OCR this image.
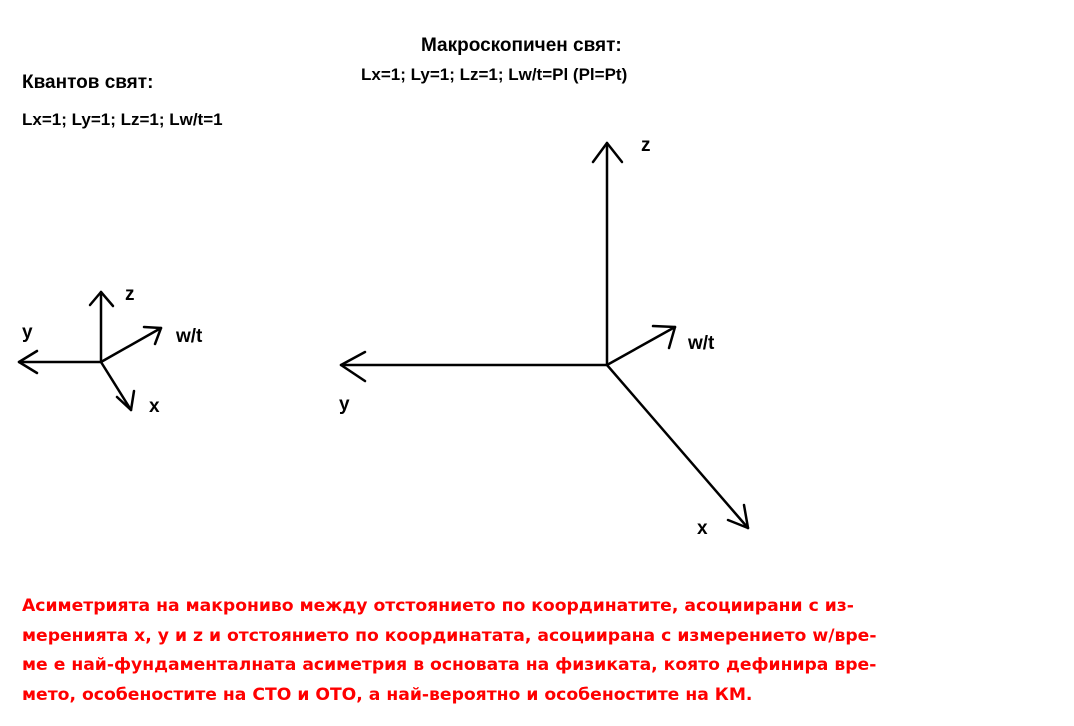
Макроскопичен свят:
Lx=1; Ly=1; Lz=1; Lw/t=Pl (Pl=Pt)
Квантов свят:
Lx=1; Ly=1; Lz=1; Lw/t=1
z
y	w/t
x
z
y
w/t
x
Асиметрията на макрониво между отстоянието по координатите, асоциирани с из-
меренията x, y и z и отстоянието по координатата, асоциирана с измерението w/вре-
ме е най-фундаменталната асиметрия в основата на физиката, която дефинира вре-
мето, особеностите на СТО и ОТО, а най-вероятно и особеностите на КМ.
